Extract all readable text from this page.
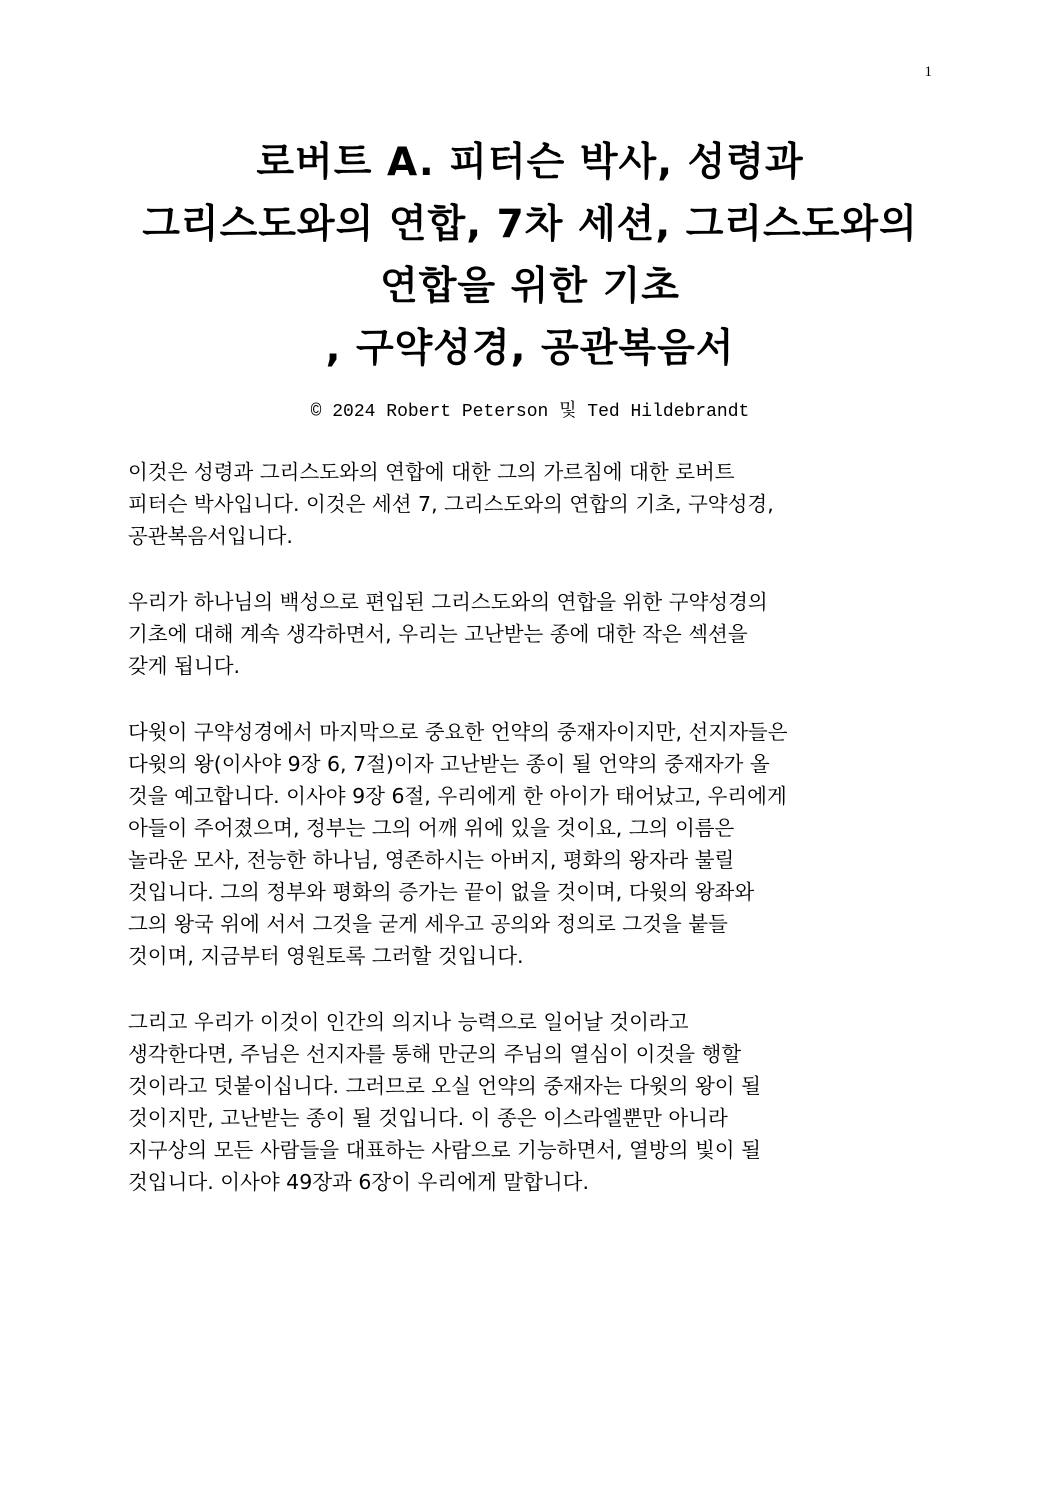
1
로버트 A. 피터슨 박사, 성령과
그리스도와의 연합, 7차 세션, 그리스도와의
연합을 위한 기초
, 구약성경, 공관복음서
© 2024 Robert Peterson 및 Ted Hildebrandt
이것은 성령과 그리스도와의 연합에 대한 그의 가르침에 대한 로버트
피터슨 박사입니다. 이것은 세션 7, 그리스도와의 연합의 기초, 구약성경,
공관복음서입니다.
우리가 하나님의 백성으로 편입된 그리스도와의 연합을 위한 구약성경의
기초에 대해 계속 생각하면서, 우리는 고난받는 종에 대한 작은 섹션을
갖게 됩니다.
다윗이 구약성경에서 마지막으로 중요한 언약의 중재자이지만, 선지자들은
다윗의 왕(이사야 9장 6, 7절)이자 고난받는 종이 될 언약의 중재자가 올
것을 예고합니다. 이사야 9장 6절, 우리에게 한 아이가 태어났고, 우리에게
아들이 주어졌으며, 정부는 그의 어깨 위에 있을 것이요, 그의 이름은
놀라운 모사, 전능한 하나님, 영존하시는 아버지, 평화의 왕자라 불릴
것입니다. 그의 정부와 평화의 증가는 끝이 없을 것이며, 다윗의 왕좌와
그의 왕국 위에 서서 그것을 굳게 세우고 공의와 정의로 그것을 붙들
것이며, 지금부터 영원토록 그러할 것입니다.
그리고 우리가 이것이 인간의 의지나 능력으로 일어날 것이라고
생각한다면, 주님은 선지자를 통해 만군의 주님의 열심이 이것을 행할
것이라고 덧붙이십니다. 그러므로 오실 언약의 중재자는 다윗의 왕이 될
것이지만, 고난받는 종이 될 것입니다. 이 종은 이스라엘뿐만 아니라
지구상의 모든 사람들을 대표하는 사람으로 기능하면서, 열방의 빛이 될
것입니다. 이사야 49장과 6장이 우리에게 말합니다.
